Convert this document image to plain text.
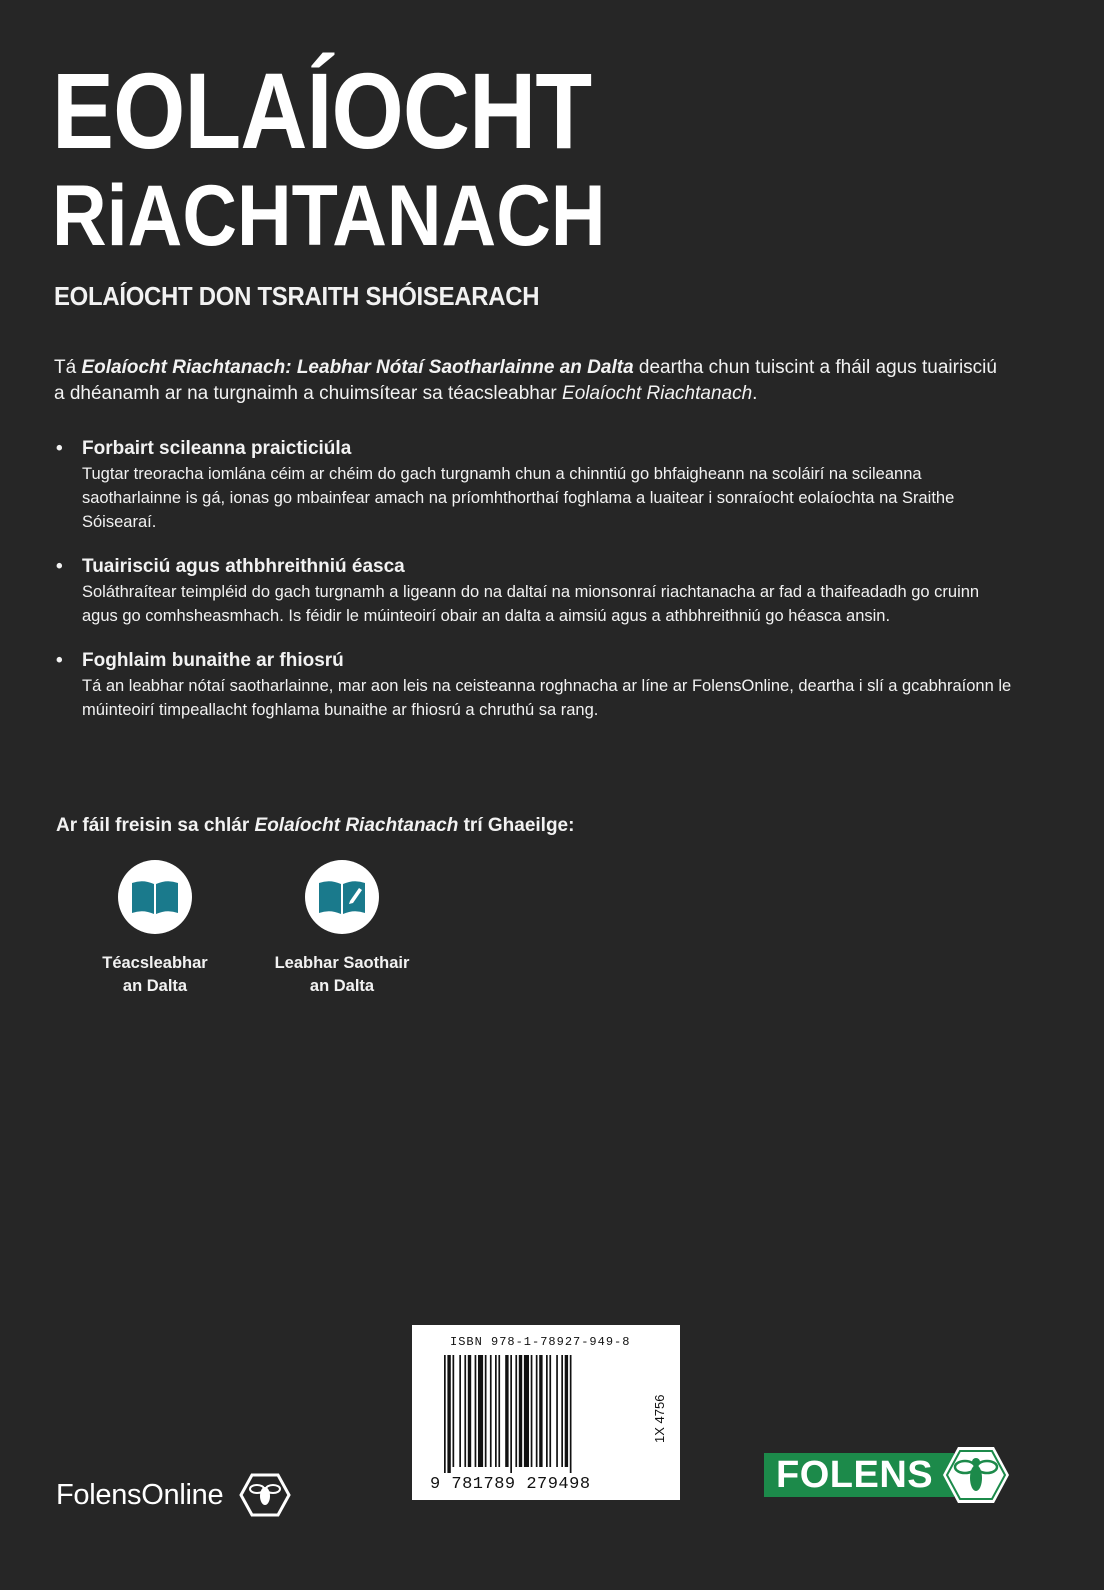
EOLAÍOCHT
RiACHTANACH
EOLAÍOCHT DON TSRAITH SHÓISEARACH
Tá Eolaíocht Riachtanach: Leabhar Nótaí Saotharlainne an Dalta deartha chun tuiscint a fháil agus tuairisciú a dhéanamh ar na turgnaimh a chuimsítear sa téacsleabhar Eolaíocht Riachtanach.
• Forbairt scileanna praicticiúla
Tugtar treoracha iomlána céim ar chéim do gach turgnamh chun a chinntiú go bhfaigheann na scoláirí na scileanna saotharlainne is gá, ionas go mbainfear amach na príomhthorthaí foghlama a luaitear i sonraíocht eolaíochta na Sraithe Sóisearaí.
• Tuairisciú agus athbhreithniú éasca
Soláthraítear teimpléid do gach turgnamh a ligeann do na daltaí na mionsonraí riachtanacha ar fad a thaifeadadh go cruinn agus go comhsheasmhach. Is féidir le múinteoirí obair an dalta a aimsiú agus a athbhreithniú go héasca ansin.
• Foghlaim bunaithe ar fhiosrú
Tá an leabhar nótaí saotharlainne, mar aon leis na ceisteanna roghnacha ar líne ar FolensOnline, deartha i slí a gcabhraíonn le múinteoirí timpeallacht foghlama bunaithe ar fhiosrú a chruthú sa rang.
Ar fáil freisin sa chlár Eolaíocht Riachtanach trí Ghaeilge:
Téacsleabhar
an Dalta
Leabhar Saothair
an Dalta
FolensOnline
ISBN 978-1-78927-949-8
9 781789 279498
1X 4756
FOLENS
